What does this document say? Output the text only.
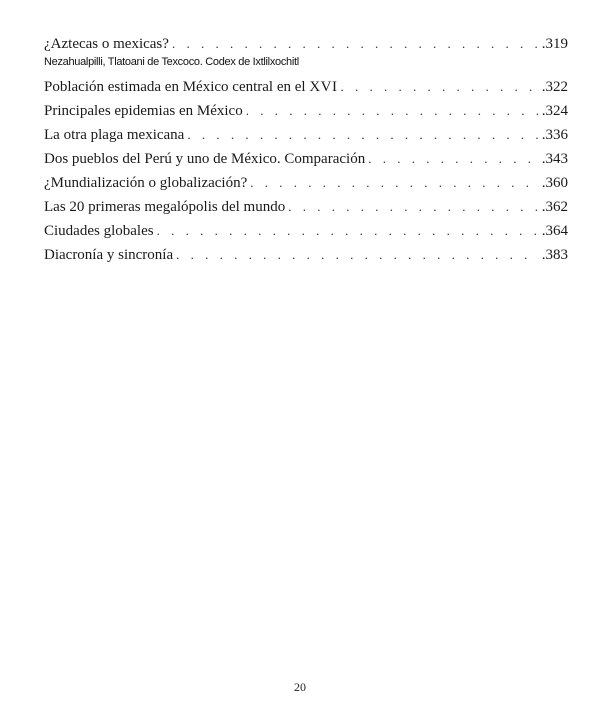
¿Aztecas o mexicas? . . .	.319
Nezahualpilli, Tlatoani de Texcoco. Codex de Ixtlilxochitl
Población estimada en México central en el XVI . . .	.322
Principales epidemias en México . . .	.324
La otra plaga mexicana . . .	.336
Dos pueblos del Perú y uno de México. Comparación . . .	.343
¿Mundialización o globalización? . . .	.360
Las 20 primeras megalópolis del mundo . . .	.362
Ciudades globales . . .	.364
Diacronía y sincronía . . .	.383
20
